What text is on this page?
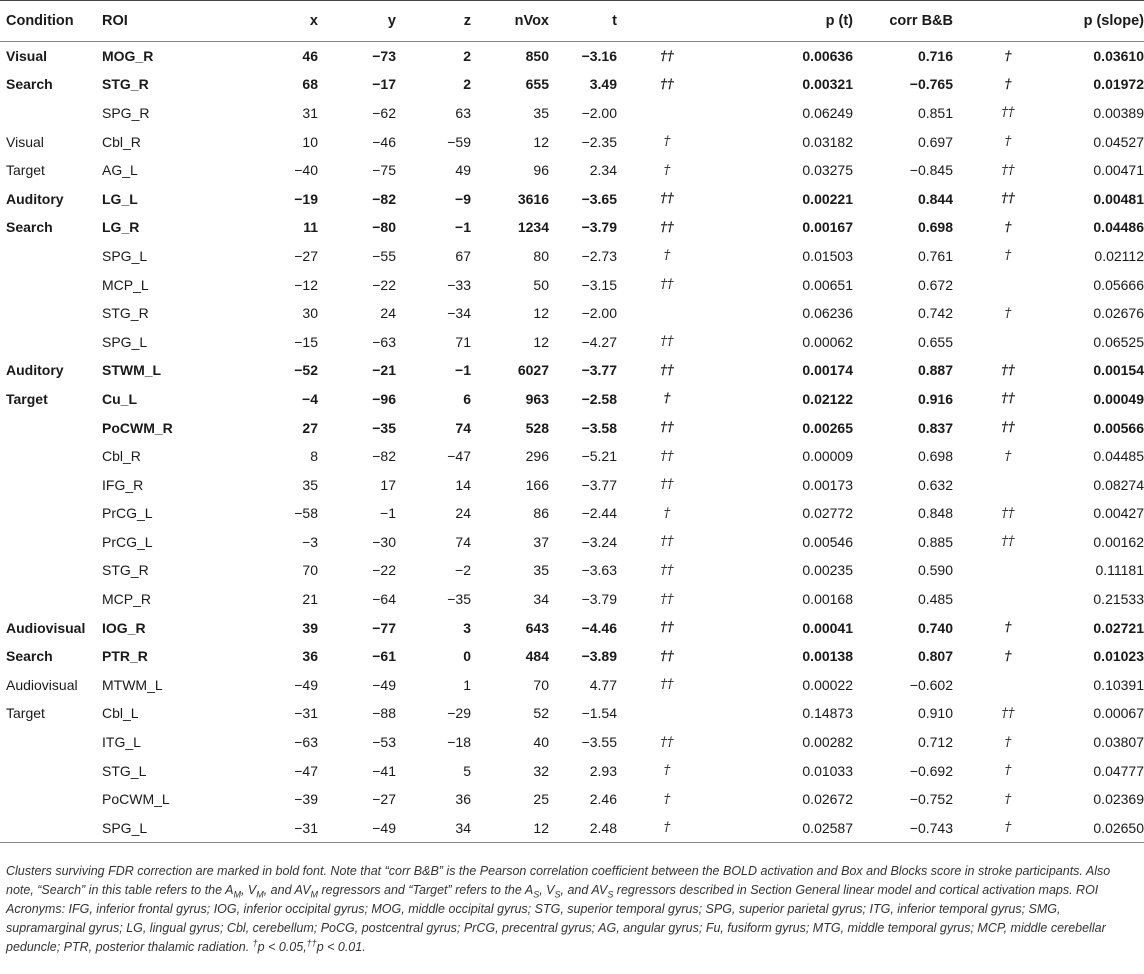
Condition	ROI	x	y	z	nVox	t		p (t)	corr B&B		p (slope)
Visual	MOG_R	46	−73	2	850	−3.16	††	0.00636	0.716	†	0.03610
Search	STG_R	68	−17	2	655	3.49	††	0.00321	−0.765	†	0.01972
	SPG_R	31	−62	63	35	−2.00		0.06249	0.851	††	0.00389
Visual	Cbl_R	10	−46	−59	12	−2.35	†	0.03182	0.697	†	0.04527
Target	AG_L	−40	−75	49	96	2.34	†	0.03275	−0.845	††	0.00471
Auditory	LG_L	−19	−82	−9	3616	−3.65	††	0.00221	0.844	††	0.00481
Search	LG_R	11	−80	−1	1234	−3.79	††	0.00167	0.698	†	0.04486
	SPG_L	−27	−55	67	80	−2.73	†	0.01503	0.761	†	0.02112
	MCP_L	−12	−22	−33	50	−3.15	††	0.00651	0.672		0.05666
	STG_R	30	24	−34	12	−2.00		0.06236	0.742	†	0.02676
	SPG_L	−15	−63	71	12	−4.27	††	0.00062	0.655		0.06525
Auditory	STWM_L	−52	−21	−1	6027	−3.77	††	0.00174	0.887	††	0.00154
Target	Cu_L	−4	−96	6	963	−2.58	†	0.02122	0.916	††	0.00049
	PoCWM_R	27	−35	74	528	−3.58	††	0.00265	0.837	††	0.00566
	Cbl_R	8	−82	−47	296	−5.21	††	0.00009	0.698	†	0.04485
	IFG_R	35	17	14	166	−3.77	††	0.00173	0.632		0.08274
	PrCG_L	−58	−1	24	86	−2.44	†	0.02772	0.848	††	0.00427
	PrCG_L	−3	−30	74	37	−3.24	††	0.00546	0.885	††	0.00162
	STG_R	70	−22	−2	35	−3.63	††	0.00235	0.590		0.11181
	MCP_R	21	−64	−35	34	−3.79	††	0.00168	0.485		0.21533
Audiovisual	IOG_R	39	−77	3	643	−4.46	††	0.00041	0.740	†	0.02721
Search	PTR_R	36	−61	0	484	−3.89	††	0.00138	0.807	†	0.01023
Audiovisual	MTWM_L	−49	−49	1	70	4.77	††	0.00022	−0.602		0.10391
Target	Cbl_L	−31	−88	−29	52	−1.54		0.14873	0.910	††	0.00067
	ITG_L	−63	−53	−18	40	−3.55	††	0.00282	0.712	†	0.03807
	STG_L	−47	−41	5	32	2.93	†	0.01033	−0.692	†	0.04777
	PoCWM_L	−39	−27	36	25	2.46	†	0.02672	−0.752	†	0.02369
	SPG_L	−31	−49	34	12	2.48	†	0.02587	−0.743	†	0.02650
Clusters surviving FDR correction are marked in bold font. Note that “corr B&B” is the Pearson correlation coefficient between the BOLD activation and Box and Blocks score in stroke participants. Also note, “Search” in this table refers to the $A_M$, $V_M$, and $AV_M$ regressors and “Target” refers to the $A_S$, $V_S$, and $AV_S$ regressors described in Section General linear model and cortical activation maps. ROI Acronyms: IFG, inferior frontal gyrus; IOG, inferior occipital gyrus; MOG, middle occipital gyrus; STG, superior temporal gyrus; SPG, superior parietal gyrus; ITG, inferior temporal gyrus; SMG, supramarginal gyrus; LG, lingual gyrus; Cbl, cerebellum; PoCG, postcentral gyrus; PrCG, precentral gyrus; AG, angular gyrus; Fu, fusiform gyrus; MTG, middle temporal gyrus; MCP, middle cerebellar peduncle; PTR, posterior thalamic radiation. †p < 0.05,††p < 0.01.
